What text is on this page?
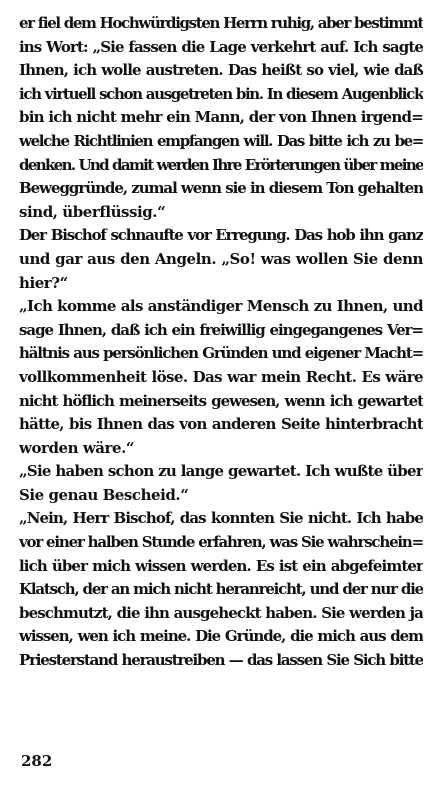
er fiel dem Hochwürdigsten Herrn ruhig, aber bestimmt
ins Wort: „Sie fassen die Lage verkehrt auf. Ich sagte
Ihnen, ich wolle austreten. Das heißt so viel, wie daß
ich virtuell schon ausgetreten bin. In diesem Augenblick
bin ich nicht mehr ein Mann, der von Ihnen irgend=
welche Richtlinien empfangen will. Das bitte ich zu be=
denken. Und damit werden Ihre Erörterungen über meine
Beweggründe, zumal wenn sie in diesem Ton gehalten
sind, überflüssig.“
Der Bischof schnaufte vor Erregung. Das hob ihn ganz
und gar aus den Angeln. „So! was wollen Sie denn
hier?“
„Ich komme als anständiger Mensch zu Ihnen, und
sage Ihnen, daß ich ein freiwillig eingegangenes Ver=
hältnis aus persönlichen Gründen und eigener Macht=
vollkommenheit löse. Das war mein Recht. Es wäre
nicht höflich meinerseits gewesen, wenn ich gewartet
hätte, bis Ihnen das von anderen Seite hinterbracht
worden wäre.“
„Sie haben schon zu lange gewartet. Ich wußte über
Sie genau Bescheid.“
„Nein, Herr Bischof, das konnten Sie nicht. Ich habe
vor einer halben Stunde erfahren, was Sie wahrschein=
lich über mich wissen werden. Es ist ein abgefeimter
Klatsch, der an mich nicht heranreicht, und der nur die
beschmutzt, die ihn ausgeheckt haben. Sie werden ja
wissen, wen ich meine. Die Gründe, die mich aus dem
Priesterstand heraustreiben — das lassen Sie Sich bitte
282
